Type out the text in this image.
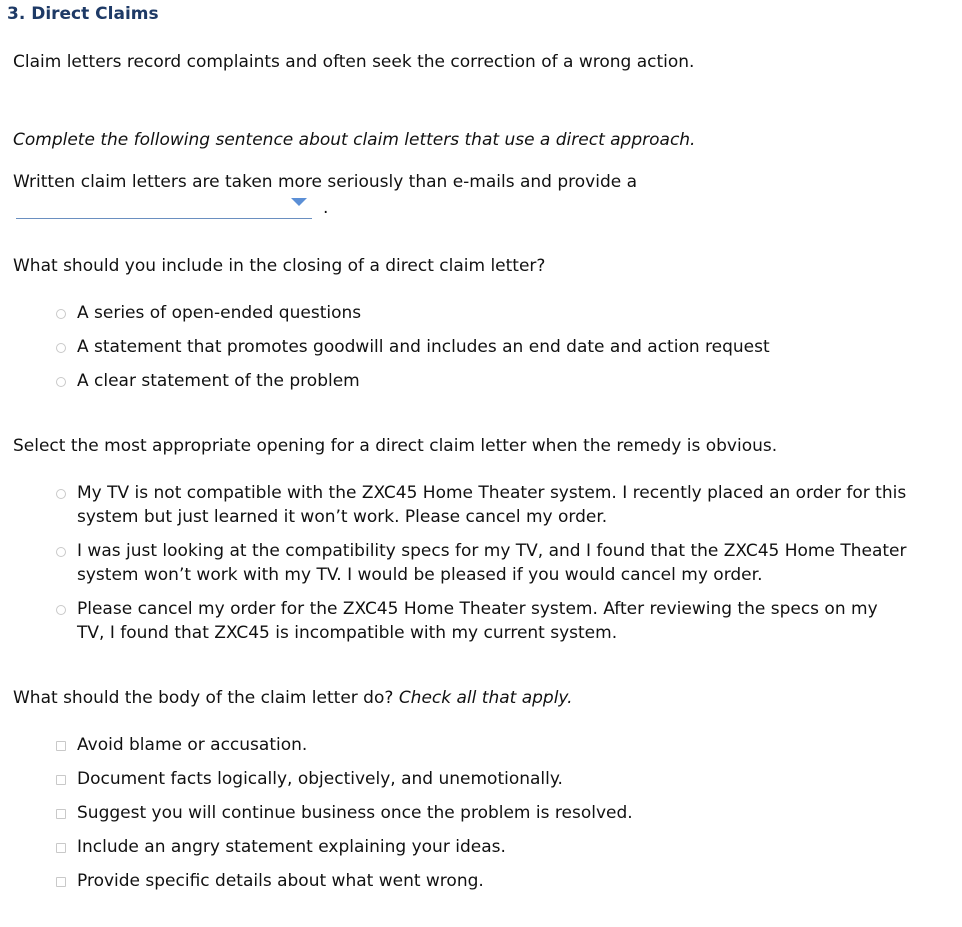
3. Direct Claims
Claim letters record complaints and often seek the correction of a wrong action.
Complete the following sentence about claim letters that use a direct approach.
Written claim letters are taken more seriously than e-mails and provide a
.
What should you include in the closing of a direct claim letter?
A series of open-ended questions
A statement that promotes goodwill and includes an end date and action request
A clear statement of the problem
Select the most appropriate opening for a direct claim letter when the remedy is obvious.
My TV is not compatible with the ZXC45 Home Theater system. I recently placed an order for this system but just learned it won’t work. Please cancel my order.
I was just looking at the compatibility specs for my TV, and I found that the ZXC45 Home Theater system won’t work with my TV. I would be pleased if you would cancel my order.
Please cancel my order for the ZXC45 Home Theater system. After reviewing the specs on my TV, I found that ZXC45 is incompatible with my current system.
What should the body of the claim letter do? Check all that apply.
Avoid blame or accusation.
Document facts logically, objectively, and unemotionally.
Suggest you will continue business once the problem is resolved.
Include an angry statement explaining your ideas.
Provide specific details about what went wrong.
